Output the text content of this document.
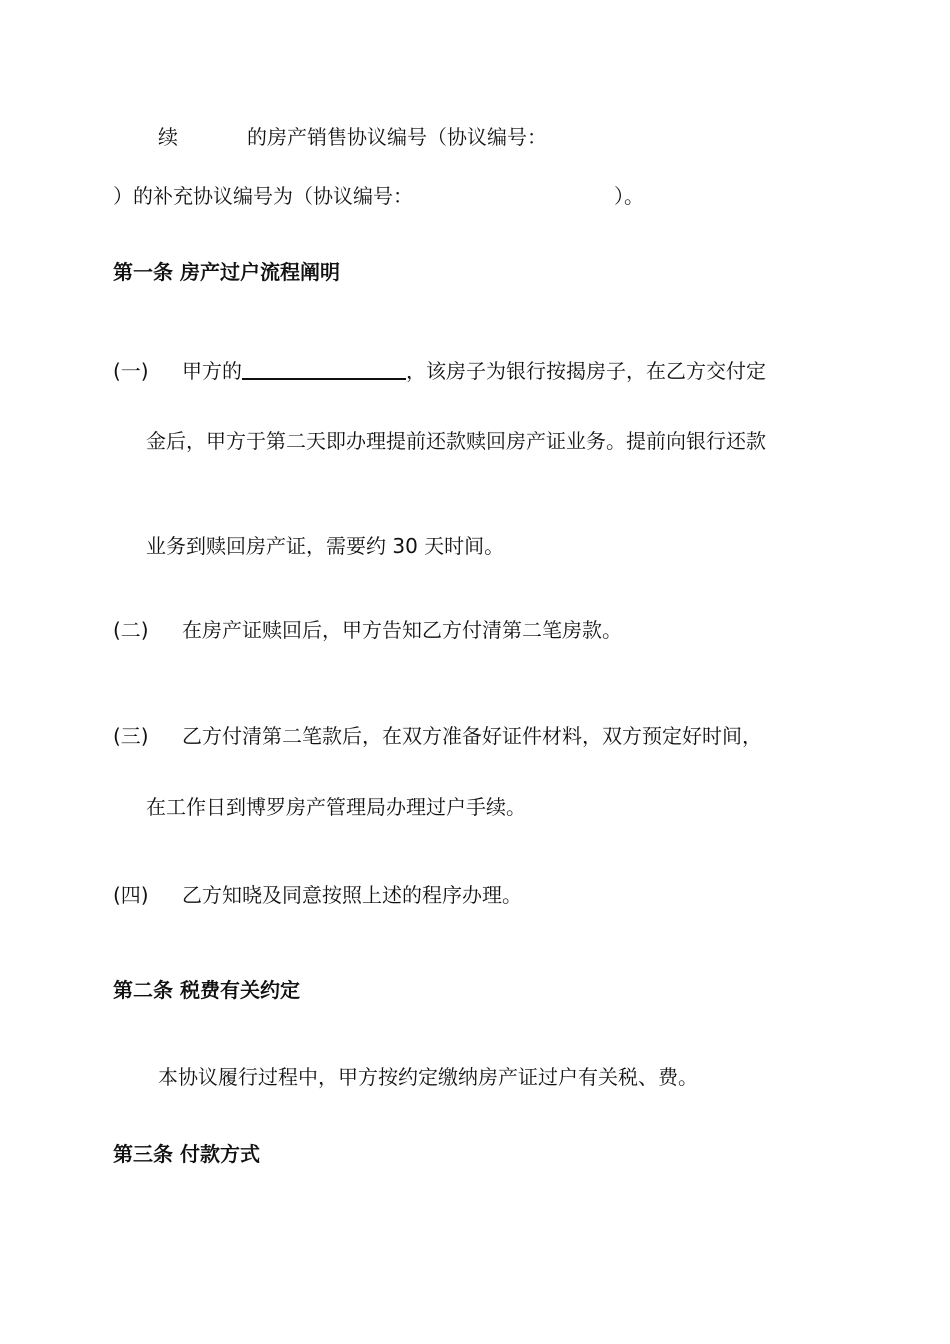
续	的房产销售协议编号（协议编号：
）的补充协议编号为（协议编号：	）。
第一条 房产过户流程阐明
(一) 甲方的	，该房子为银行按揭房子，在乙方交付定
金后，甲方于第二天即办理提前还款赎回房产证业务。提前向银行还款
业务到赎回房产证，需要约 30 天时间。
(二) 在房产证赎回后，甲方告知乙方付清第二笔房款。
(三) 乙方付清第二笔款后，在双方准备好证件材料，双方预定好时间，
在工作日到博罗房产管理局办理过户手续。
(四) 乙方知晓及同意按照上述的程序办理。
第二条 税费有关约定
本协议履行过程中，甲方按约定缴纳房产证过户有关税、费。
第三条 付款方式
